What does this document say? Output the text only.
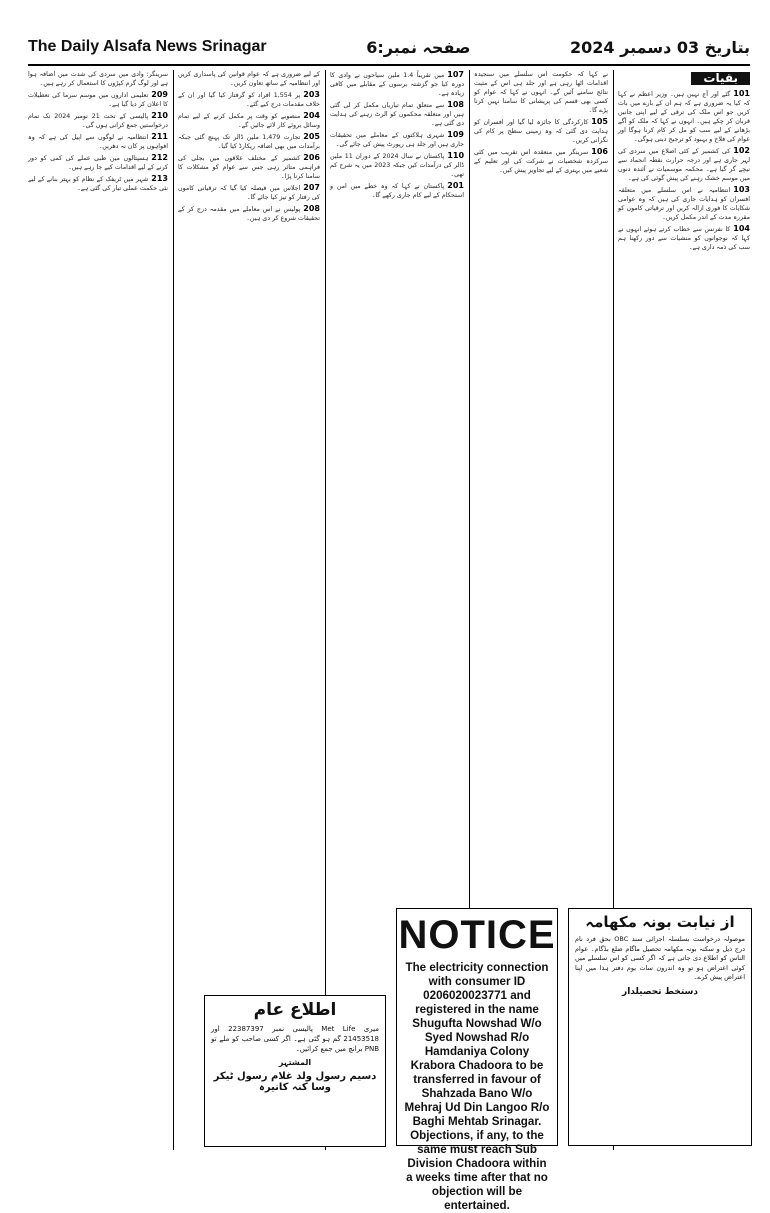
The Daily Alsafa News Srinagar	صفحہ نمبر:6	بتاریخ 03 دسمبر 2024
بقیات

101گئے اور آج نہیں ہیں۔ وزیر اعظم نے کہا کہ کیا یہ ضروری ہے کہ ہم ان کے بارے میں بات کریں جو اس ملک کی ترقی کے لیے اپنی جانیں قربان کر چکے ہیں۔ انہوں نے کہا کہ ملک کو آگے بڑھانے کے لیے سب کو مل کر کام کرنا ہوگا اور عوام کی فلاح و بہبود کو ترجیح دینی ہوگی۔

102کی کشمیر کے کئی اضلاع میں سردی کی لہر جاری ہے اور درجہ حرارت نقطہ انجماد سے نیچے گر گیا ہے۔ محکمہ موسمیات نے آئندہ دنوں میں موسم خشک رہنے کی پیش گوئی کی ہے۔

103انتظامیہ نے اس سلسلے میں متعلقہ افسران کو ہدایات جاری کی ہیں کہ وہ عوامی شکایات کا فوری ازالہ کریں اور ترقیاتی کاموں کو مقررہ مدت کے اندر مکمل کریں۔

104کا نفرنس سے خطاب کرتے ہوئے انہوں نے کہا کہ نوجوانوں کو منشیات سے دور رکھنا ہم سب کی ذمہ داری ہے۔

نے کہا کہ حکومت اس سلسلے میں سنجیدہ اقدامات اٹھا رہی ہے اور جلد ہی اس کے مثبت نتائج سامنے آئیں گے۔ انہوں نے کہا کہ عوام کو کسی بھی قسم کی پریشانی کا سامنا نہیں کرنا پڑے گا۔

105کارکردگی کا جائزہ لیا گیا اور افسران کو ہدایت دی گئی کہ وہ زمینی سطح پر کام کی نگرانی کریں۔

106سرینگر میں منعقدہ اس تقریب میں کئی سرکردہ شخصیات نے شرکت کی اور تعلیم کے شعبے میں بہتری کے لیے تجاویز پیش کیں۔

107میں تقریباً 1.4 ملین سیاحوں نے وادی کا دورہ کیا جو گزشتہ برسوں کے مقابلے میں کافی زیادہ ہے۔

108سے متعلق تمام تیاریاں مکمل کر لی گئی ہیں اور متعلقہ محکموں کو الرٹ رہنے کی ہدایت دی گئی ہے۔

109شہری ہلاکتوں کے معاملے میں تحقیقات جاری ہیں اور جلد ہی رپورٹ پیش کی جائے گی۔

110پاکستان نے سال 2024 کے دوران 11 ملین ڈالر کی درآمدات کیں جبکہ 2023 میں یہ شرح کم تھی۔

201پاکستان نے کہا کہ وہ خطے میں امن و استحکام کے لیے کام جاری رکھے گا۔

کے لیے ضروری ہے کہ عوام قوانین کی پاسداری کریں اور انتظامیہ کے ساتھ تعاون کریں۔

203پر 1,554 افراد کو گرفتار کیا گیا اور ان کے خلاف مقدمات درج کیے گئے۔

204منصوبے کو وقت پر مکمل کرنے کے لیے تمام وسائل بروئے کار لائے جائیں گے۔

205تجارت 1,479 ملین ڈالر تک پہنچ گئی جبکہ برآمدات میں بھی اضافہ ریکارڈ کیا گیا۔

206کشمیر کے مختلف علاقوں میں بجلی کی فراہمی متاثر رہی جس سے عوام کو مشکلات کا سامنا کرنا پڑا۔

207اجلاس میں فیصلہ کیا گیا کہ ترقیاتی کاموں کی رفتار کو تیز کیا جائے گا۔

208پولیس نے اس معاملے میں مقدمہ درج کر کے تحقیقات شروع کر دی ہیں۔

سرینگر: وادی میں سردی کی شدت میں اضافہ ہوا ہے اور لوگ گرم کپڑوں کا استعمال کر رہے ہیں۔

209تعلیمی اداروں میں موسم سرما کی تعطیلات کا اعلان کر دیا گیا ہے۔

210پالیسی کے تحت 21 نومبر 2024 تک تمام درخواستیں جمع کرانی ہوں گی۔

211انتظامیہ نے لوگوں سے اپیل کی ہے کہ وہ افواہوں پر کان نہ دھریں۔

212ہسپتالوں میں طبی عملے کی کمی کو دور کرنے کے لیے اقدامات کیے جا رہے ہیں۔

213شہر میں ٹریفک کے نظام کو بہتر بنانے کے لیے نئی حکمت عملی تیار کی گئی ہے۔

NOTICE
The electricity connection with consumer ID 0206020023771 and registered in the name Shugufta Nowshad W/o Syed Nowshad R/o Hamdaniya Colony Krabora Chadoora to be transferred in favour of Shahzada Bano W/o Mehraj Ud Din Langoo R/o Baghi Mehtab Srinagar. Objections, if any, to the same must reach Sub Division Chadoora within a weeks time after that no objection will be entertained.
از نیابت بونہ مکھامہ
موصولہ درخواست بسلسلہ اجرائی سند OBC بحق فرد نام درج ذیل و سکنہ بونہ مکھامہ تحصیل ماگام ضلع بڈگام۔ عوام الناس کو اطلاع دی جاتی ہے کہ اگر کسی کو اس سلسلے میں کوئی اعتراض ہو تو وہ اندرون سات یوم دفتر ہذا میں اپنا اعتراض پیش کرے۔
دستخط تحصیلدار
اطلاع عام
میری Met Life پالیسی نمبر 22387397 اور 21453518 گم ہو گئی ہے۔ اگر کسی صاحب کو ملے تو PNB برانچ میں جمع کرائیں۔
المشتہر
دسیم رسول ولد غلام رسول ٹیکر وسا کنہ کانیرہ
